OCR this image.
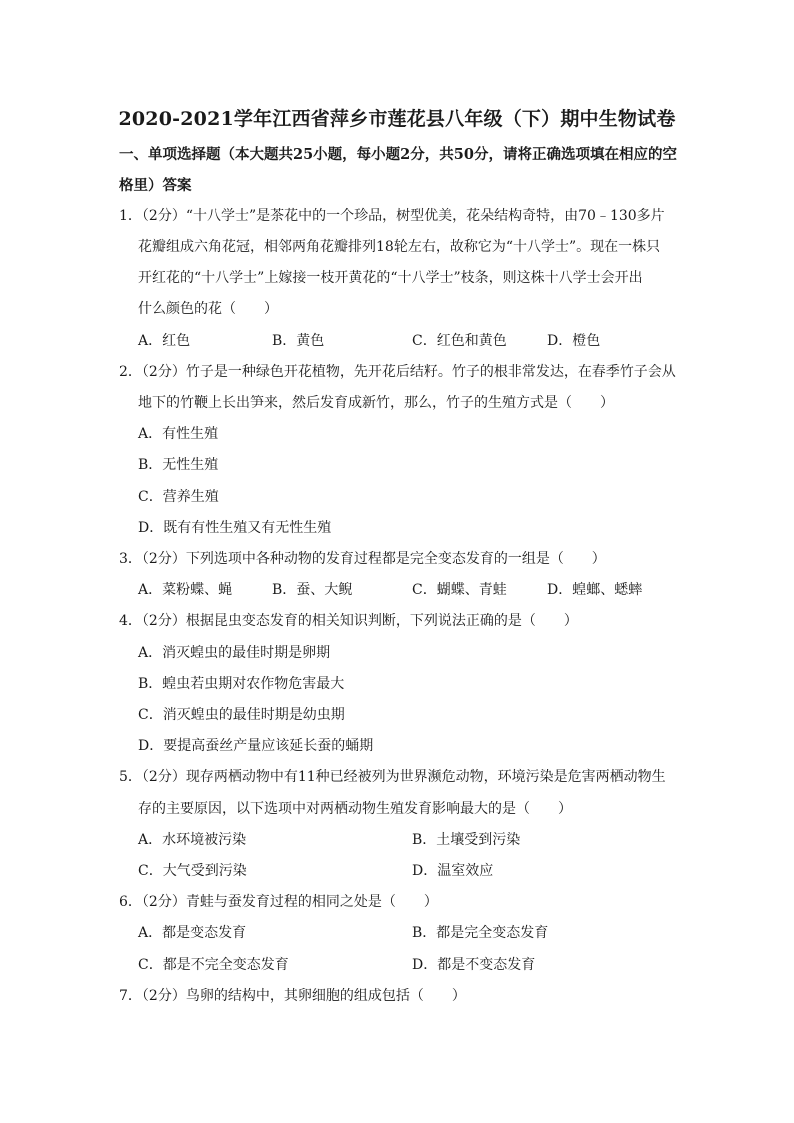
2020-2021学年江西省萍乡市莲花县八年级（下）期中生物试卷
一、单项选择题（本大题共25小题，每小题2分，共50分，请将正确选项填在相应的空格里）答案
1．（2分）“十八学士”是茶花中的一个珍品，树型优美，花朵结构奇特，由70﹣130多片
花瓣组成六角花冠，相邻两角花瓣排列18轮左右，故称它为“十八学士”。现在一株只
开红花的“十八学士”上嫁接一枝开黄花的“十八学士”枝条，则这株十八学士会开出
什么颜色的花（　　）
A．红色	B．黄色	C．红色和黄色	D．橙色
2．（2分）竹子是一种绿色开花植物，先开花后结籽。竹子的根非常发达，在春季竹子会从
地下的竹鞭上长出笋来，然后发育成新竹，那么，竹子的生殖方式是（　　）
A．有性生殖
B．无性生殖
C．营养生殖
D．既有有性生殖又有无性生殖
3．（2分）下列选项中各种动物的发育过程都是完全变态发育的一组是（　　）
A．菜粉蝶、蝇	B．蚕、大鲵	C．蝴蝶、青蛙	D．蝗螂、蟋蟀
4．（2分）根据昆虫变态发育的相关知识判断，下列说法正确的是（　　）
A．消灭蝗虫的最佳时期是卵期
B．蝗虫若虫期对农作物危害最大
C．消灭蝗虫的最佳时期是幼虫期
D．要提高蚕丝产量应该延长蚕的蛹期
5．（2分）现存两栖动物中有11种已经被列为世界濒危动物，环境污染是危害两栖动物生
存的主要原因，以下选项中对两栖动物生殖发育影响最大的是（　　）
A．水环境被污染	B．土壤受到污染
C．大气受到污染	D．温室效应
6．（2分）青蛙与蚕发育过程的相同之处是（　　）
A．都是变态发育	B．都是完全变态发育
C．都是不完全变态发育	D．都是不变态发育
7．（2分）鸟卵的结构中，其卵细胞的组成包括（　　）
